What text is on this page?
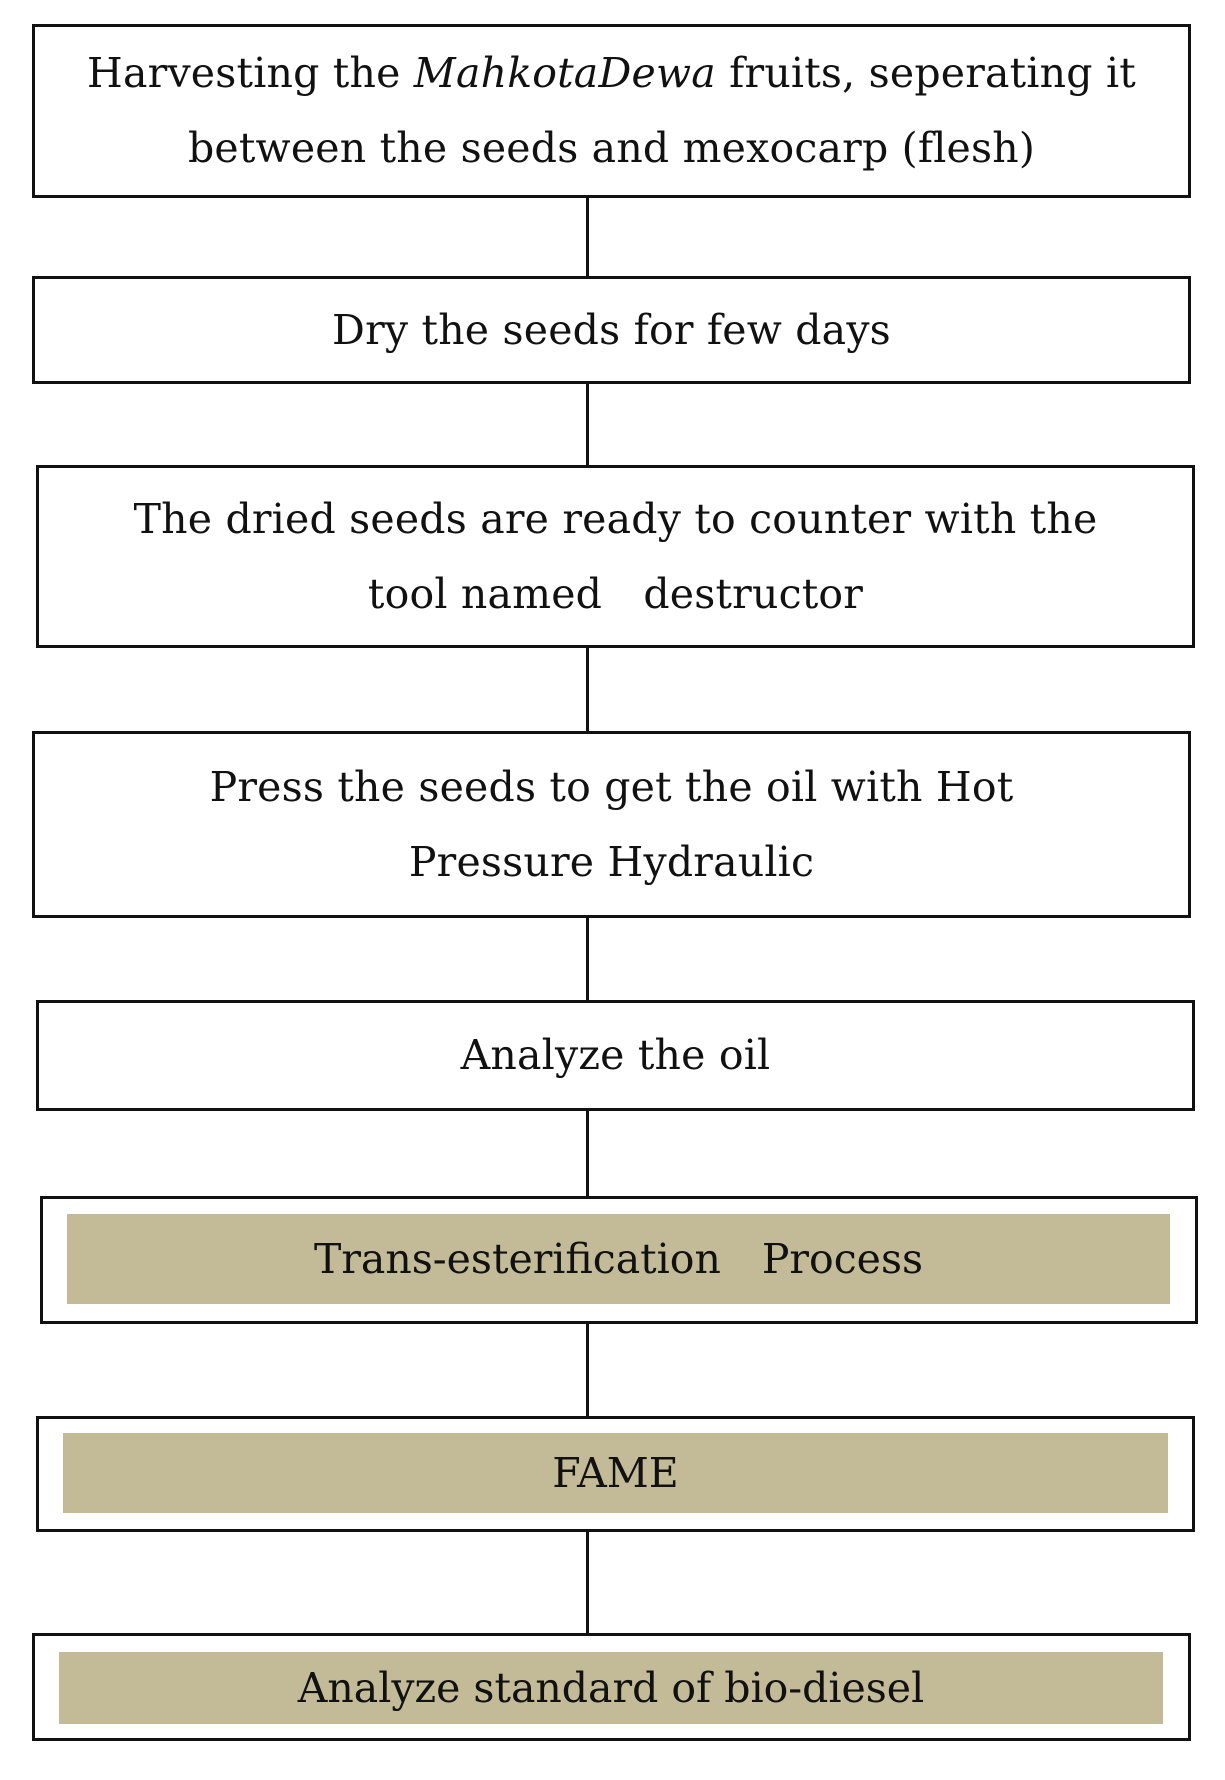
Harvesting the MahkotaDewa fruits, seperating it between the seeds and mexocarp (flesh)
Dry the seeds for few days
The dried seeds are ready to counter with the tool named destructor
Press the seeds to get the oil with Hot Pressure Hydraulic
Analyze the oil
Trans-esterification Process
FAME
Analyze standard of bio-diesel
